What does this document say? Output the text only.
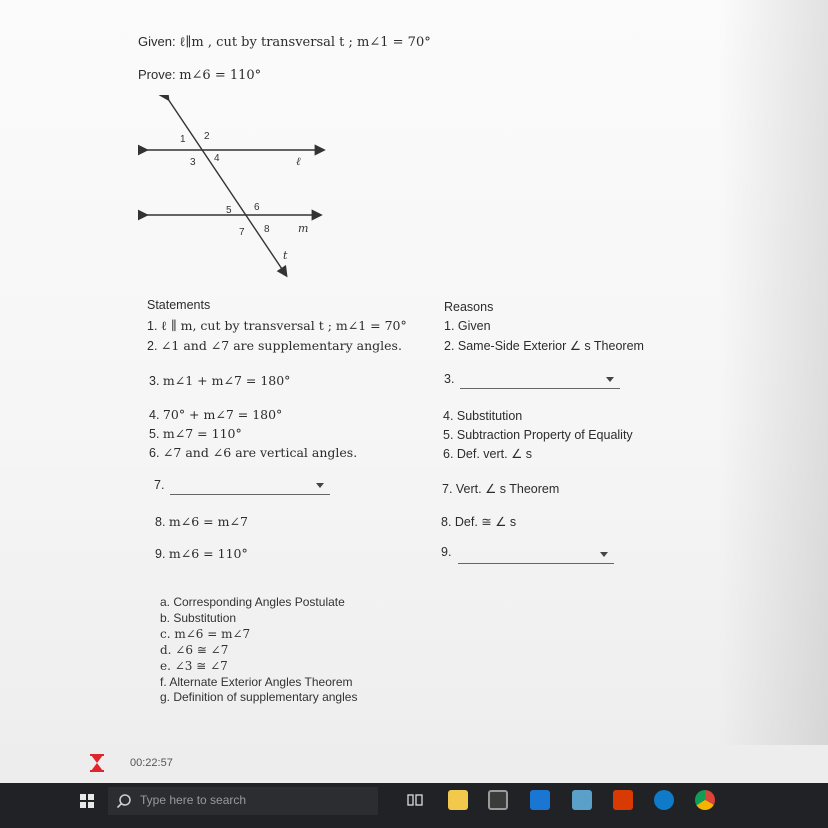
Given: ℓ∥m , cut by transversal t ; m∠1 = 70°
Prove: m∠6 = 110°
1 2
3 4
5 6
7 8
ℓ
m
t
Statements	Reasons
1. ℓ ∥ m, cut by transversal t ; m∠1 = 70°	1. Given
2. ∠1 and ∠7 are supplementary angles.	2. Same-Side Exterior ∠ s Theorem
3. m∠1 + m∠7 = 180°	3.
4. 70° + m∠7 = 180°	4. Substitution
5. m∠7 = 110°	5. Subtraction Property of Equality
6. ∠7 and ∠6 are vertical angles.	6. Def. vert. ∠ s
7.	7. Vert. ∠ s Theorem
8. m∠6 = m∠7	8. Def. ≅ ∠ s
9. m∠6 = 110°	9.
a. Corresponding Angles Postulate
b. Substitution
c. m∠6 = m∠7
d. ∠6 ≅ ∠7
e. ∠3 ≅ ∠7
f. Alternate Exterior Angles Theorem
g. Definition of supplementary angles
00:22:57
Type here to search
